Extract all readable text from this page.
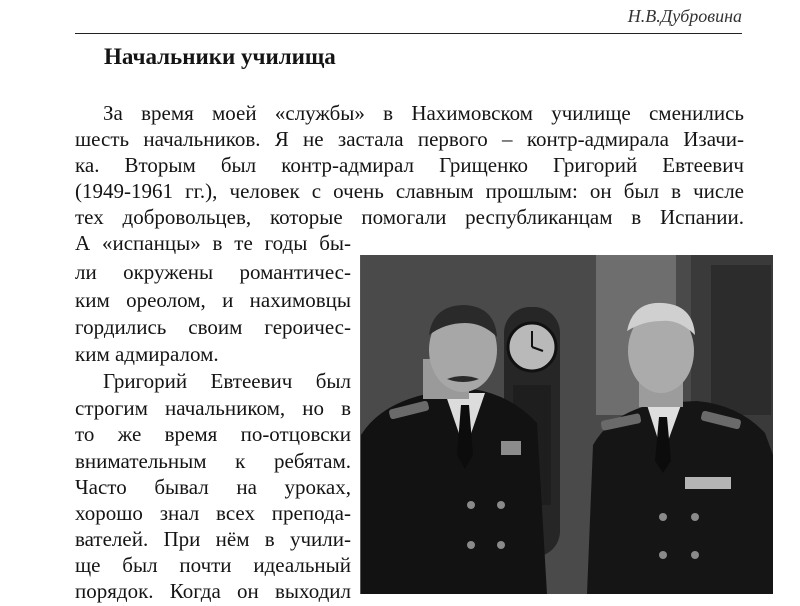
Н.В.Дубровина
Начальники училища

За время моей «службы» в Нахимовском училище сменились

шесть начальников. Я не застала первого – контр-адмирала Изачи-

ка. Вторым был контр-адмирал Грищенко Григорий Евтеевич

(1949-1961 гг.), человек с очень славным прошлым: он был в числе

тех добровольцев, которые помогали республиканцам в Испании.

А «испанцы» в те годы бы-

ли окружены романтичес-

ким ореолом, и нахимовцы

гордились своим героичес-

ким адмиралом.

Григорий Евтеевич был

строгим начальником, но в

то же время по-отцовски

внимательным к ребятам.

Часто бывал на уроках,

хорошо знал всех препода-

вателей. При нём в учили-

ще был почти идеальный

порядок. Когда он выходил
